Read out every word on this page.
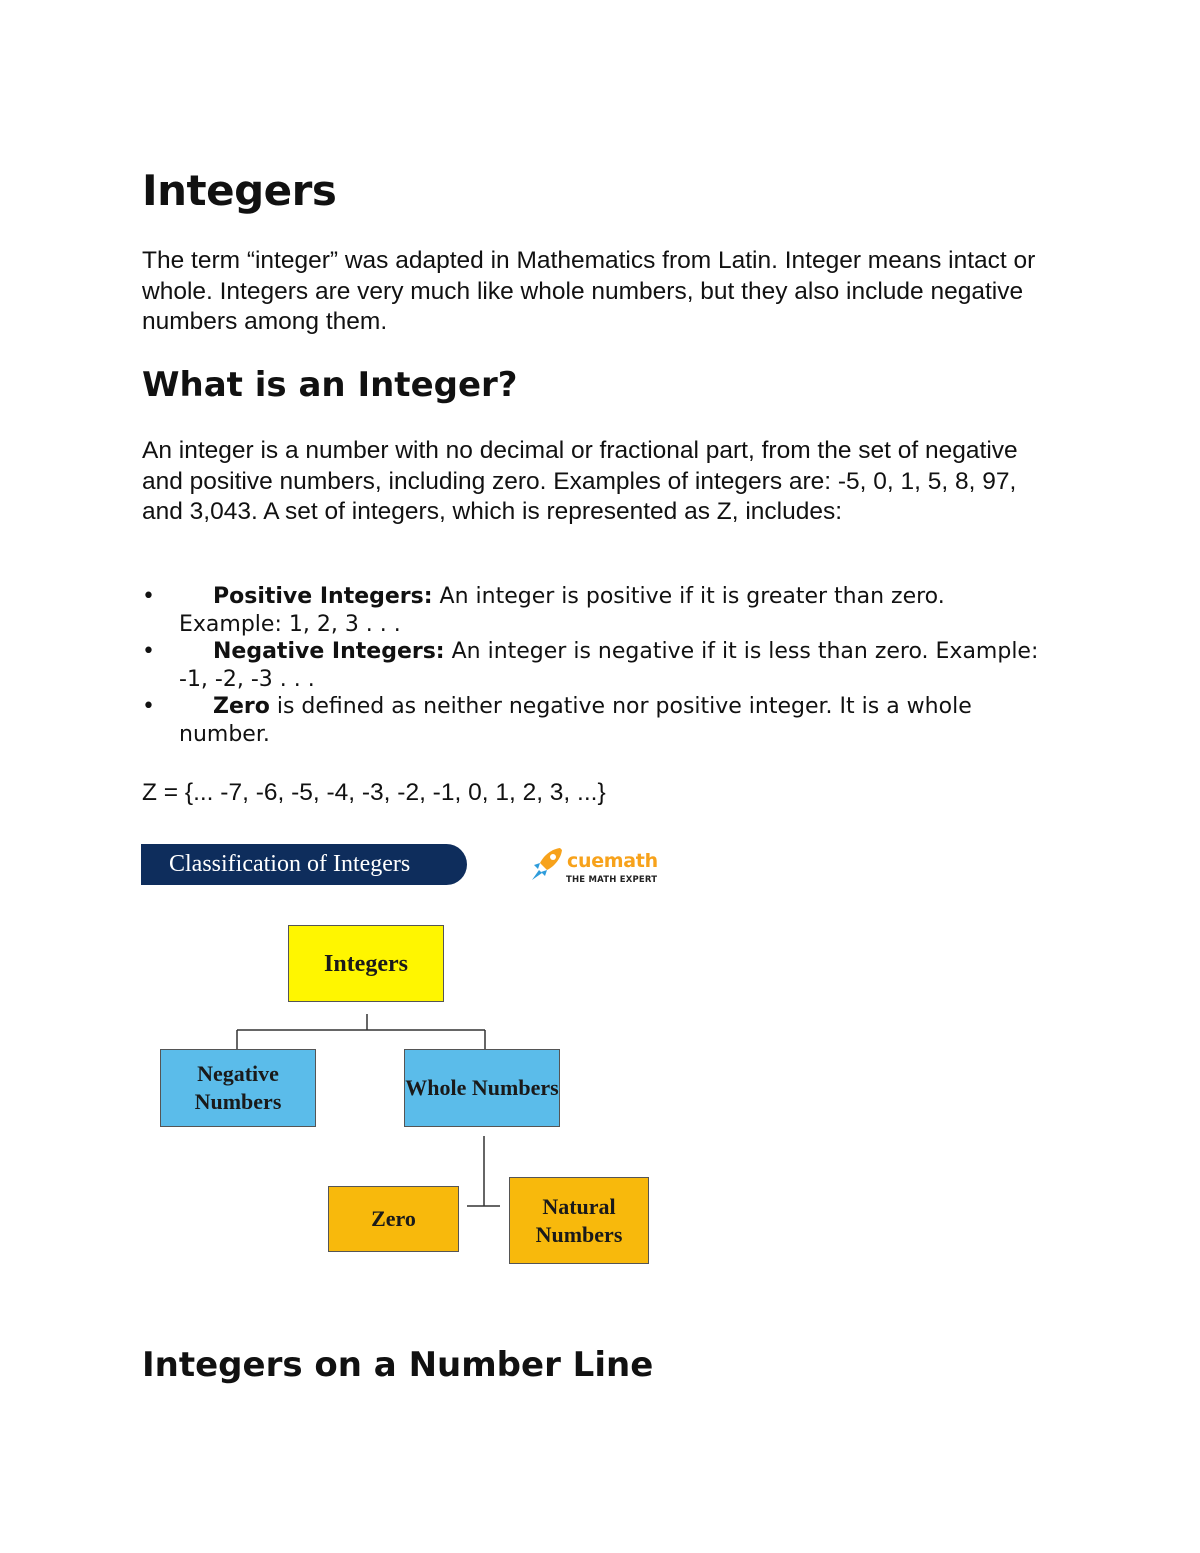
Integers

The term “integer” was adapted in Mathematics from Latin. Integer means intact or whole. Integers are very much like whole numbers, but they also include negative numbers among them.

What is an Integer?

An integer is a number with no decimal or fractional part, from the set of negative and positive numbers, including zero. Examples of integers are: -5, 0, 1, 5, 8, 97, and 3,043. A set of integers, which is represented as Z, includes:

•	Positive Integers: An integer is positive if it is greater than zero. Example: 1, 2, 3 . . .
•	Negative Integers: An integer is negative if it is less than zero. Example: -1, -2, -3 . . .
•	Zero is defined as neither negative nor positive integer. It is a whole number.

Z = {... -7, -6, -5, -4, -3, -2, -1, 0, 1, 2, 3, ...}

Classification of Integers	cuemath
THE MATH EXPERT
Integers
Negative Numbers
Whole Numbers
Zero	Natural Numbers
Integers on a Number Line
